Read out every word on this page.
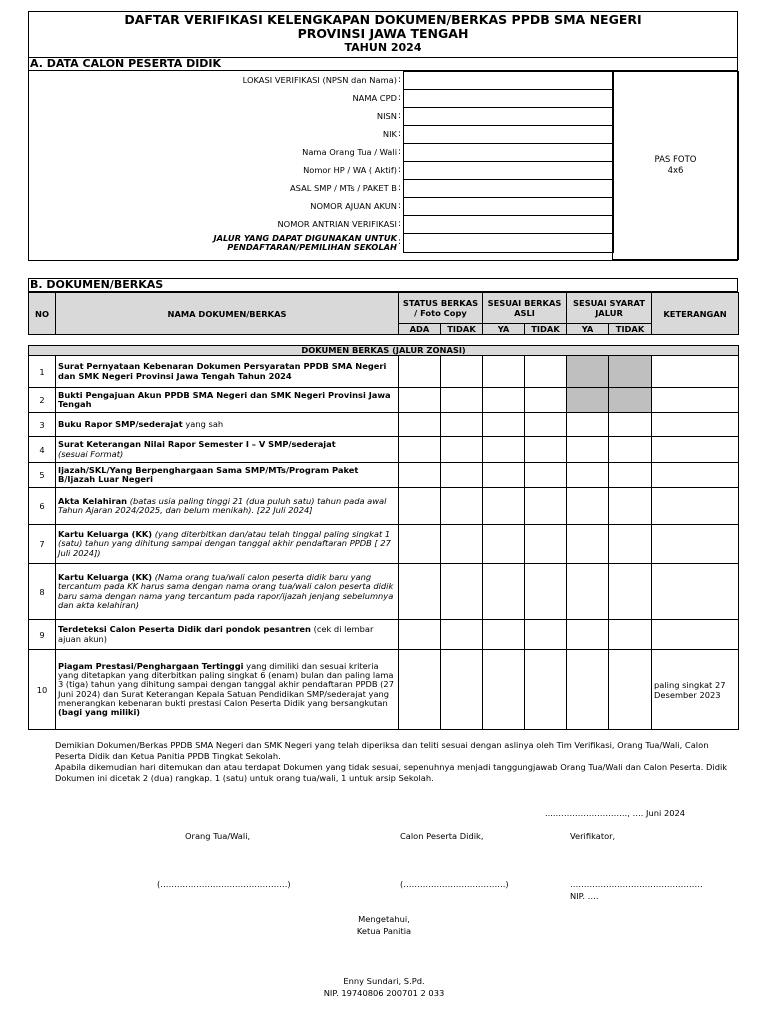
DAFTAR VERIFIKASI KELENGKAPAN DOKUMEN/BERKAS PPDB SMA NEGERI
PROVINSI JAWA TENGAH
TAHUN 2024
A. DATA CALON PESERTA DIDIK
PAS FOTO
4x6
LOKASI VERIFIKASI (NPSN dan Nama) :
NAMA CPD :
NISN :
NIK :
Nama Orang Tua / Wali :
Nomor HP / WA ( Aktif) :
ASAL SMP / MTs / PAKET B :
NOMOR AJUAN AKUN :
NOMOR ANTRIAN VERIFIKASI :
JALUR YANG DAPAT DIGUNAKAN UNTUK
PENDAFTARAN/PEMILIHAN SEKOLAH :
B. DOKUMEN/BERKAS
NO	NAMA DOKUMEN/BERKAS	STATUS BERKAS / Foto Copy		SESUAI BERKAS ASLI		SESUAI SYARAT JALUR		KETERANGAN
		ADA	TIDAK	YA	TIDAK	YA	TIDAK	

DOKUMEN BERKAS (JALUR ZONASI)								
1	Surat Pernyataan Kebenaran Dokumen Persyaratan PPDB SMA Negeri dan SMK Negeri Provinsi Jawa Tengah Tahun 2024							
2	Bukti Pengajuan Akun PPDB SMA Negeri dan SMK Negeri Provinsi Jawa Tengah							
3	Buku Rapor SMP/sederajat yang sah							
4	Surat Keterangan Nilai Rapor Semester I – V SMP/sederajat
(sesuai Format)							
5	Ijazah/SKL/Yang Berpenghargaan Sama SMP/MTs/Program Paket B/Ijazah Luar Negeri							
6	Akta Kelahiran (batas usia paling tinggi 21 (dua puluh satu) tahun pada awal Tahun Ajaran 2024/2025, dan belum menikah). [22 Juli 2024]							
7	Kartu Keluarga (KK) (yang diterbitkan dan/atau telah tinggal paling singkat 1 (satu) tahun yang dihitung sampai dengan tanggal akhir pendaftaran PPDB [ 27 Juli 2024])							
8	Kartu Keluarga (KK) (Nama orang tua/wali calon peserta didik baru yang tercantum pada KK harus sama dengan nama orang tua/wali calon peserta didik baru sama dengan nama yang tercantum pada rapor/ijazah jenjang sebelumnya dan akta kelahiran)							
9	Terdeteksi Calon Peserta Didik dari pondok pesantren (cek di lembar ajuan akun)							
10	Piagam Prestasi/Penghargaan Tertinggi yang dimiliki dan sesuai kriteria yang ditetapkan yang diterbitkan paling singkat 6 (enam) bulan dan paling lama 3 (tiga) tahun yang dihitung sampai dengan tanggal akhir pendaftaran PPDB (27 Juni 2024) dan Surat Keterangan Kepala Satuan Pendidikan SMP/sederajat yang menerangkan kebenaran bukti prestasi Calon Peserta Didik yang bersangkutan (bagi yang miliki)							paling singkat 27 Desember 2023
Demikian Dokumen/Berkas PPDB SMA Negeri dan SMK Negeri yang telah diperiksa dan teliti sesuai dengan aslinya oleh Tim Verifikasi, Orang Tua/Wali, Calon Peserta Didik dan Ketua Panitia PPDB Tingkat Sekolah.
Apabila dikemudian hari ditemukan dan atau terdapat Dokumen yang tidak sesuai, sepenuhnya menjadi tanggungjawab Orang Tua/Wali dan Calon Peserta. Didik
Dokumen ini dicetak 2 (dua) rangkap. 1 (satu) untuk orang tua/wali, 1 untuk arsip Sekolah.
....…………………….., …. Juni 2024
Orang Tua/Wali,	Calon Peserta Didik,	Verifikator,
(……………………………………….)	(……………………………….)	…………………………………………
NIP. ….
Mengetahui,
Ketua Panitia
Enny Sundari, S.Pd.
NIP. 19740806 200701 2 033
